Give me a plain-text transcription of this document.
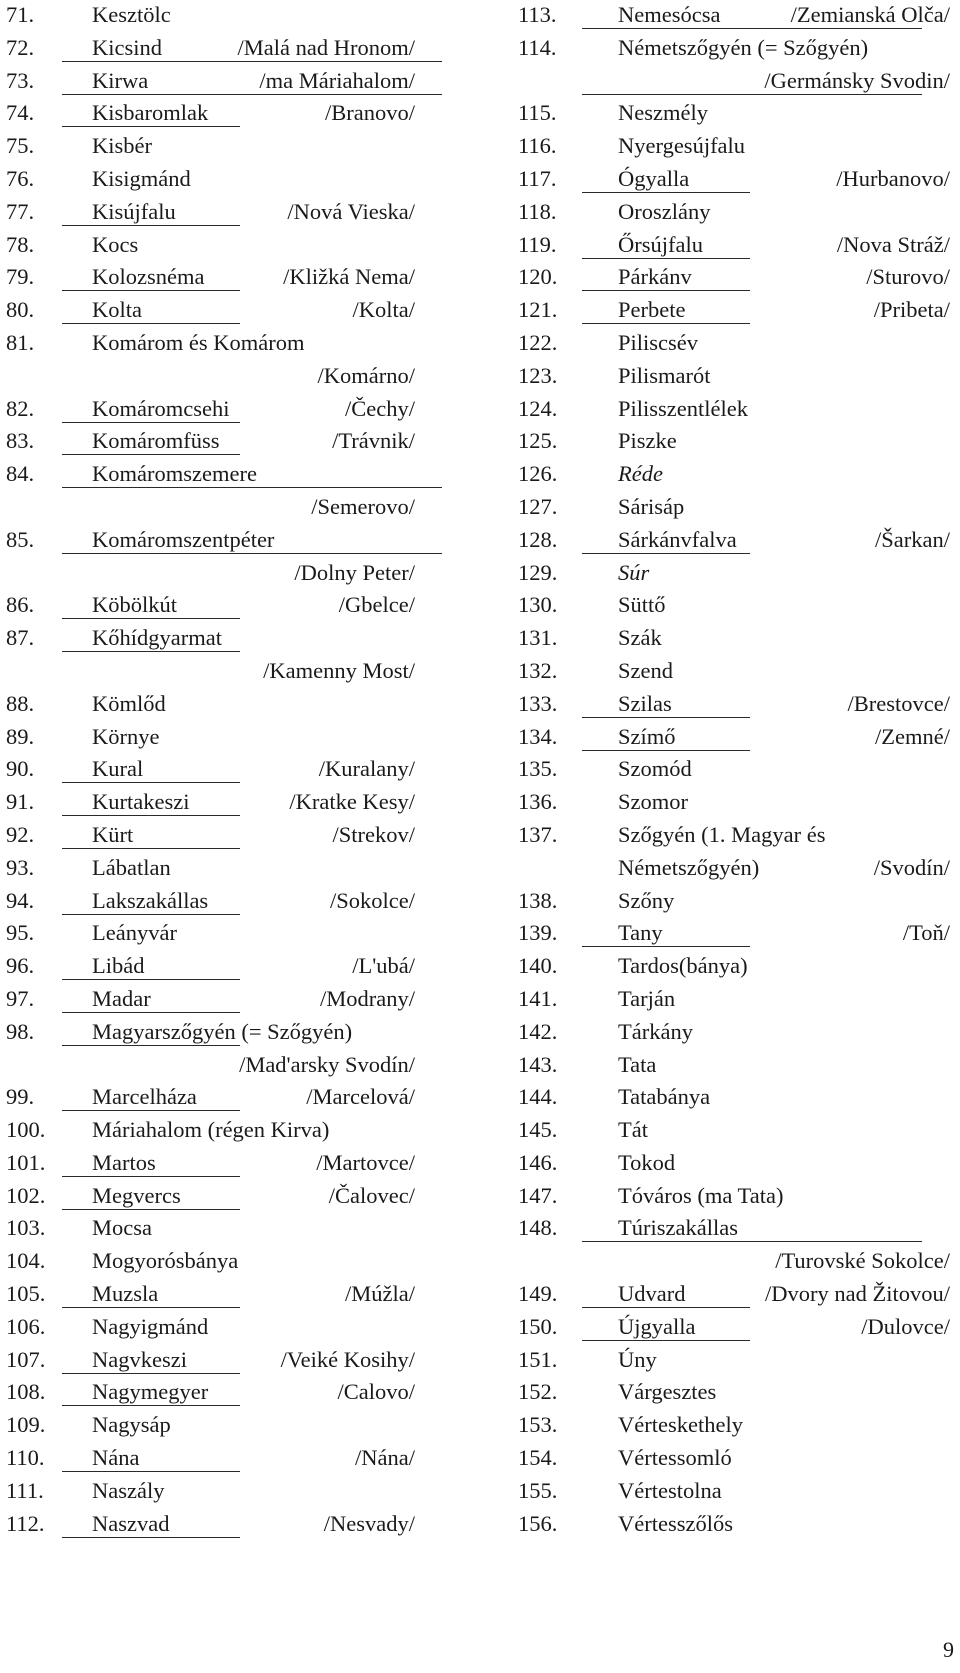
71.	Kesztölc
72.	Kicsind	/Malá nad Hronom/
73.	Kirwa	/ma Máriahalom/
74.	Kisbaromlak	/Branovo/
75.	Kisbér
76.	Kisigmánd
77.	Kisújfalu	/Nová Vieska/
78.	Kocs
79.	Kolozsnéma	/Kližká Nema/
80.	Kolta	/Kolta/
81.	Komárom és Komárom
/Komárno/
82.	Komáromcsehi	/Čechy/
83.	Komáromfüss	/Trávnik/
84.	Komáromszemere
/Semerovo/
85.	Komáromszentpéter
/Dolny Peter/
86.	Köbölkút	/Gbelce/
87.	Kőhídgyarmat
/Kamenny Most/
88.	Kömlőd
89.	Környe
90.	Kural	/Kuralany/
91.	Kurtakeszi	/Kratke Kesy/
92.	Kürt	/Strekov/
93.	Lábatlan
94.	Lakszakállas	/Sokolce/
95.	Leányvár
96.	Libád	/L'ubá/
97.	Madar	/Modrany/
98.	Magyarszőgyén (= Szőgyén)
/Mad'arsky Svodín/
99.	Marcelháza	/Marcelová/
100. Máriahalom (régen Kirva)
101. Martos	/Martovce/
102. Megvercs	/Čalovec/
103. Mocsa
104. Mogyorósbánya
105. Muzsla	/Múžla/
106. Nagyigmánd
107. Nagvkeszi	/Veiké Kosihy/
108. Nagymegyer	/Calovo/
109. Nagysáp
110. Nána	/Nána/
111. Naszály
112. Naszvad	/Nesvady/
113.	Nemesócsa	/Zemianská Olča/
114.	Németszőgyén (= Szőgyén)
/Germánsky Svodin/
115.	Neszmély
116.	Nyergesújfalu
117.	Ógyalla	/Hurbanovo/
118.	Oroszlány
119.	Őrsújfalu	/Nova Stráž/
120.	Párkánv	/Sturovo/
121.	Perbete	/Pribeta/
122.	Piliscsév
123.	Pilismarót
124.	Pilisszentlélek
125.	Piszke
126.	Réde
127.	Sárisáp
128.	Sárkánvfalva	/Šarkan/
129.	Súr
130.	Süttő
131.	Szák
132.	Szend
133.	Szilas	/Brestovce/
134.	Szímő	/Zemné/
135.	Szomód
136.	Szomor
137.	Szőgyén (1. Magyar és
Németszőgyén)	/Svodín/
138.	Szőny
139.	Tany	/Toň/
140.	Tardos(bánya)
141.	Tarján
142.	Tárkány
143.	Tata
144.	Tatabánya
145.	Tát
146.	Tokod
147.	Tóváros (ma Tata)
148.	Túriszakállas
/Turovské Sokolce/
149.	Udvard	/Dvory nad Žitovou/
150.	Újgyalla	/Dulovce/
151.	Úny
152.	Várgesztes
153.	Vérteskethely
154.	Vértessomló
155.	Vértestolna
156.	Vértesszőlős
9
